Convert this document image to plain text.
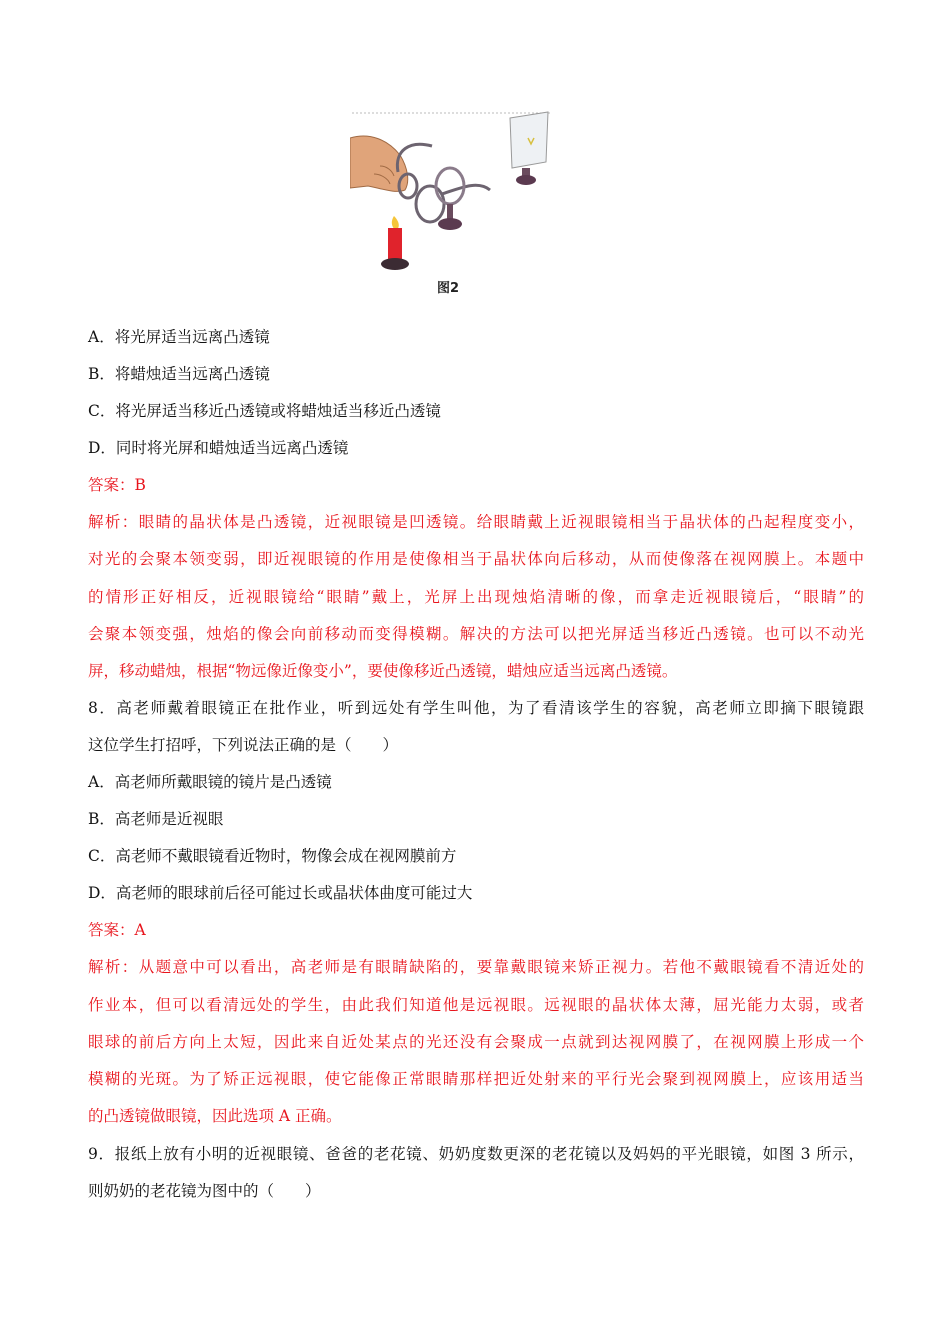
图2
A．将光屏适当远离凸透镜
B．将蜡烛适当远离凸透镜
C．将光屏适当移近凸透镜或将蜡烛适当移近凸透镜
D．同时将光屏和蜡烛适当远离凸透镜
答案：B
解析：眼睛的晶状体是凸透镜，近视眼镜是凹透镜。给眼睛戴上近视眼镜相当于晶状体的凸起程度变小，
对光的会聚本领变弱，即近视眼镜的作用是使像相当于晶状体向后移动，从而使像落在视网膜上。本题中
的情形正好相反，近视眼镜给“眼睛”戴上，光屏上出现烛焰清晰的像，而拿走近视眼镜后，“眼睛”的
会聚本领变强，烛焰的像会向前移动而变得模糊。解决的方法可以把光屏适当移近凸透镜。也可以不动光
屏，移动蜡烛，根据“物远像近像变小”，要使像移近凸透镜，蜡烛应适当远离凸透镜。
8．高老师戴着眼镜正在批作业，听到远处有学生叫他，为了看清该学生的容貌，高老师立即摘下眼镜跟
这位学生打招呼，下列说法正确的是（　　）
A．高老师所戴眼镜的镜片是凸透镜
B．高老师是近视眼
C．高老师不戴眼镜看近物时，物像会成在视网膜前方
D．高老师的眼球前后径可能过长或晶状体曲度可能过大
答案：A
解析：从题意中可以看出，高老师是有眼睛缺陷的，要靠戴眼镜来矫正视力。若他不戴眼镜看不清近处的
作业本，但可以看清远处的学生，由此我们知道他是远视眼。远视眼的晶状体太薄，屈光能力太弱，或者
眼球的前后方向上太短，因此来自近处某点的光还没有会聚成一点就到达视网膜了，在视网膜上形成一个
模糊的光斑。为了矫正远视眼，使它能像正常眼睛那样把近处射来的平行光会聚到视网膜上，应该用适当
的凸透镜做眼镜，因此选项 A 正确。
9．报纸上放有小明的近视眼镜、爸爸的老花镜、奶奶度数更深的老花镜以及妈妈的平光眼镜，如图 3 所示，
则奶奶的老花镜为图中的（　　）
